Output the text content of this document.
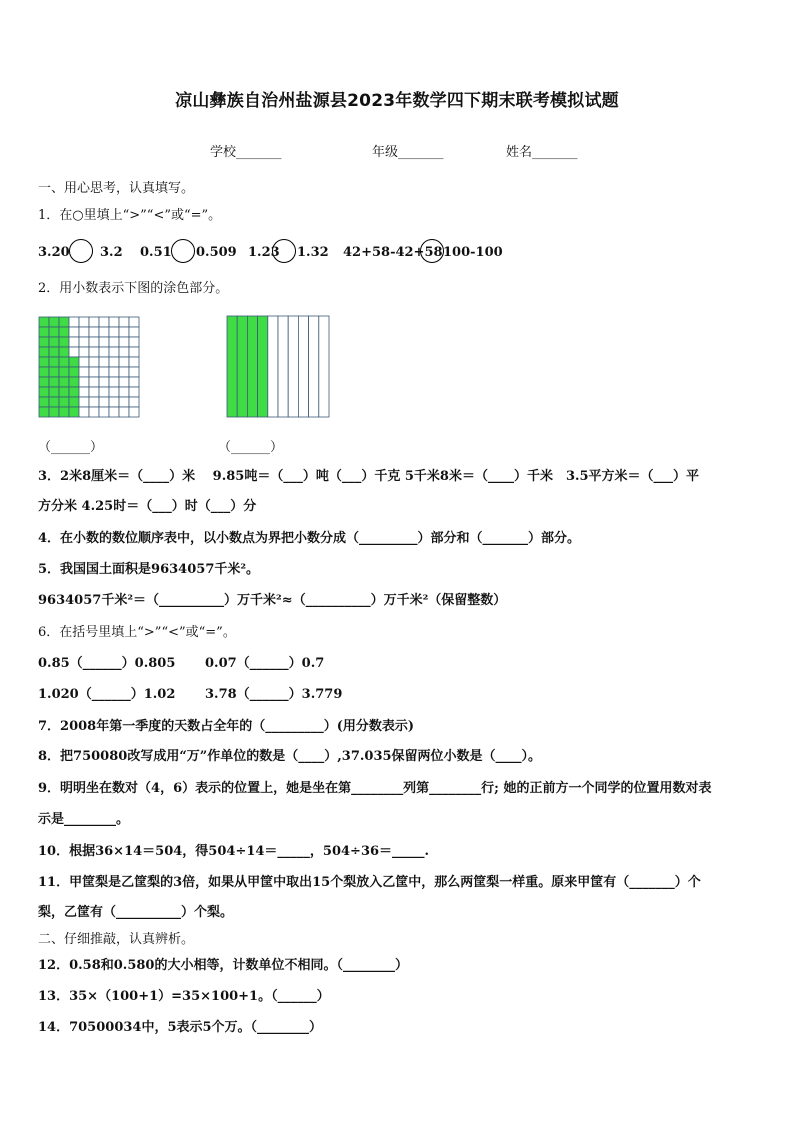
凉山彝族自治州盐源县2023年数学四下期末联考模拟试题
学校_______	年级_______	姓名_______
一、用心思考，认真填写。
1．在○里填上“>”“<”或“=”。
3.20 3.2 0.51 0.509 1.23 1.32 42+58-42+58 100-100
2．用小数表示下图的涂色部分。
（______）	（______）
3．2米8厘米＝（____）米　 9.85吨＝（___）吨（___）千克 5千米8米＝（____）千米　3.5平方米＝（___）平
方分米 4.25时＝（___）时（___）分
4．在小数的数位顺序表中，以小数点为界把小数分成（_________）部分和（_______）部分。
5．我国国土面积是9634057千米²。
9634057千米²＝（__________）万千米²≈（__________）万千米²（保留整数）
6．在括号里填上“>”“<”或“=”。
0.85（______）0.805 0.07（______）0.7
1.020（______）1.02 3.78（______）3.779
7．2008年第一季度的天数占全年的（_________）(用分数表示)
8．把750080改写成用“万”作单位的数是（____）,37.035保留两位小数是（____）。
9．明明坐在数对（4，6）表示的位置上，她是坐在第________列第________行; 她的正前方一个同学的位置用数对表
示是________。
10．根据36×14＝504，得504÷14＝_____，504÷36＝_____.
11．甲筐梨是乙筐梨的3倍，如果从甲筐中取出15个梨放入乙筐中，那么两筐梨一样重。原来甲筐有（_______）个
梨，乙筐有（__________）个梨。
二、仔细推敲，认真辨析。
12．0.58和0.580的大小相等，计数单位不相同。（________）
13．35×（100+1）=35×100+1。（______）
14．70500034中，5表示5个万。（________）
